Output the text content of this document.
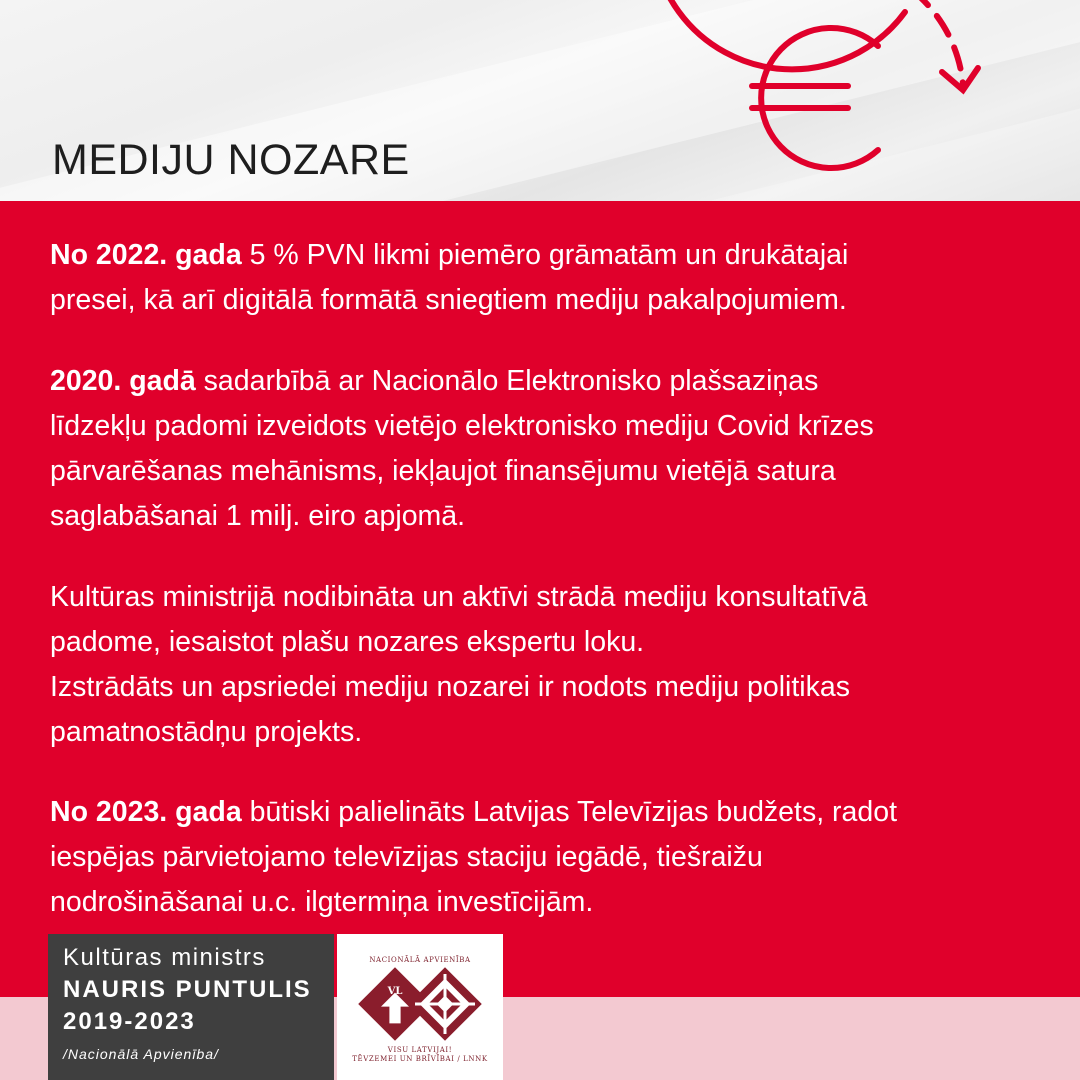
MEDIJU NOZARE

No 2022. gada 5 % PVN likmi piemēro grāmatām un drukātajai
presei, kā arī digitālā formātā sniegtiem mediju pakalpojumiem.

2020. gadā sadarbībā ar Nacionālo Elektronisko plašsaziņas
līdzekļu padomi izveidots vietējo elektronisko mediju Covid krīzes
pārvarēšanas mehānisms, iekļaujot finansējumu vietējā satura
saglabāšanai 1 milj. eiro apjomā.

Kultūras ministrijā nodibināta un aktīvi strādā mediju konsultatīvā
padome, iesaistot plašu nozares ekspertu loku.
Izstrādāts un apsriedei mediju nozarei ir nodots mediju politikas
pamatnostādņu projekts.

No 2023. gada būtiski palielināts Latvijas Televīzijas budžets, radot
iespējas pārvietojamo televīzijas staciju iegādē, tiešraižu
nodrošināšanai u.c. ilgtermiņa investīcijām.

Kultūras ministrs
NAURIS PUNTULIS
2019-2023
/Nacionālā Apvienība/
NACIONĀLĀ APVIENĪBA
VL
VISU LATVIJAI!
TĒVZEMEI UN BRĪVĪBAI / LNNK
